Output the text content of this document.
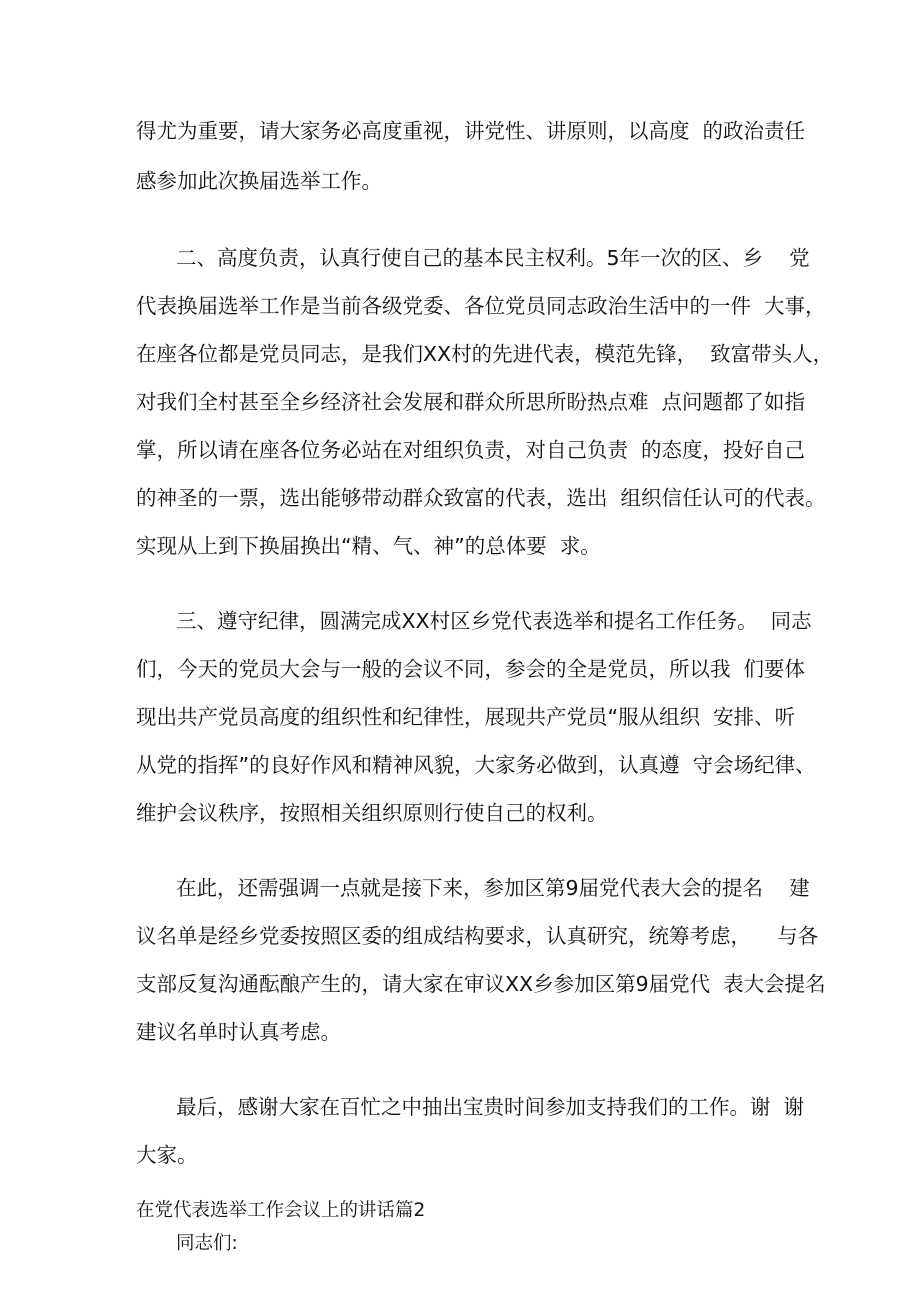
得尤为重要，请大家务必高度重视，讲党性、讲原则，以高度  的政治责任
感参加此次换届选举工作。
二、高度负责，认真行使自己的基本民主权利。5年一次的区、乡    党
代表换届选举工作是当前各级党委、各位党员同志政治生活中的一件  大事，
在座各位都是党员同志，是我们XX村的先进代表，模范先锋，  致富带头人，
对我们全村甚至全乡经济社会发展和群众所思所盼热点难  点问题都了如指
掌，所以请在座各位务必站在对组织负责，对自己负责  的态度，投好自己
的神圣的一票，选出能够带动群众致富的代表，选出  组织信任认可的代表。
实现从上到下换届换出“精、气、神”的总体要  求。
三、遵守纪律，圆满完成XX村区乡党代表选举和提名工作任务。  同志
们，今天的党员大会与一般的会议不同，参会的全是党员，所以我  们要体
现出共产党员高度的组织性和纪律性，展现共产党员“服从组织  安排、听
从党的指挥”的良好作风和精神风貌，大家务必做到，认真遵  守会场纪律、
维护会议秩序，按照相关组织原则行使自己的权利。
在此，还需强调一点就是接下来，参加区第9届党代表大会的提名    建
议名单是经乡党委按照区委的组成结构要求，认真研究，统筹考虑，    与各
支部反复沟通酝酿产生的，请大家在审议XX乡参加区第9届党代  表大会提名
建议名单时认真考虑。
最后，感谢大家在百忙之中抽出宝贵时间参加支持我们的工作。谢  谢
大家。
在党代表选举工作会议上的讲话篇2
同志们:
